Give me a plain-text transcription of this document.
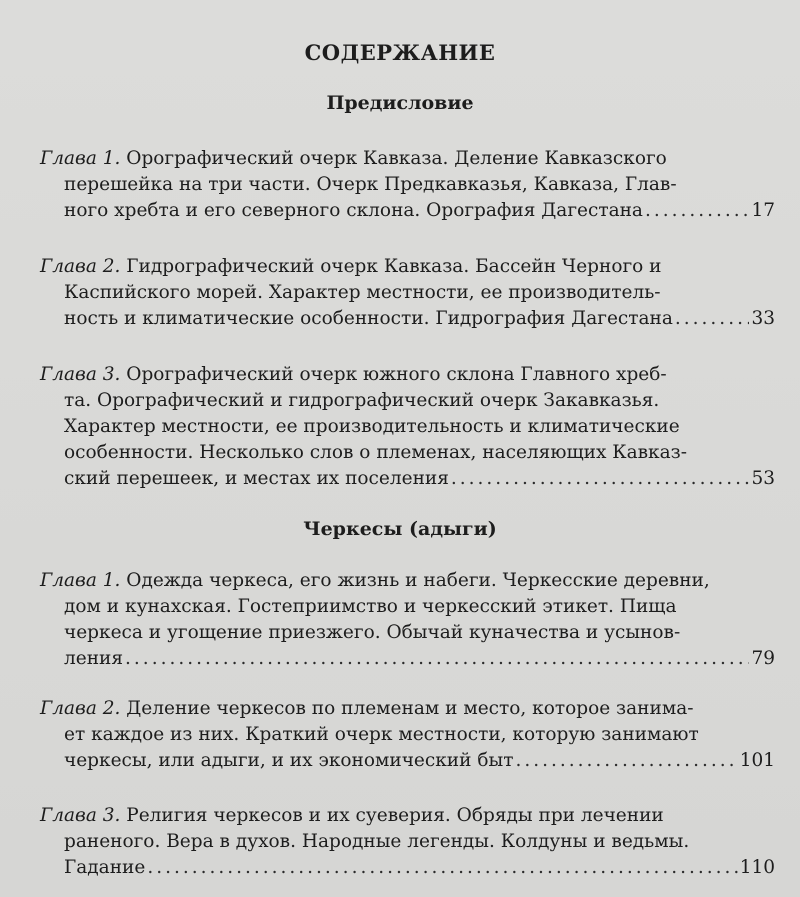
СОДЕРЖАНИЕ
Предисловие
Глава 1. Орографический очерк Кавказа. Деление Кавказского
перешейка на три части. Очерк Предкавказья, Кавказа, Глав-
ного хребта и его северного склона. Орография Дагестана .....	17
Глава 2. Гидрографический очерк Кавказа. Бассейн Черного и
Каспийского морей. Характер местности, ее производитель-
ность и климатические особенности. Гидрография Дагестана .....	33
Глава 3. Орографический очерк южного склона Главного хреб-
та. Орографический и гидрографический очерк Закавказья.
Характер местности, ее производительность и климатические
особенности. Несколько слов о племенах, населяющих Кавказ-
ский перешеек, и местах их поселения .....	53
Черкесы (адыги)
Глава 1. Одежда черкеса, его жизнь и набеги. Черкесские деревни,
дом и кунахская. Гостеприимство и черкесский этикет. Пища
черкеса и угощение приезжего. Обычай куначества и усынов-
ления .....	79
Глава 2. Деление черкесов по племенам и место, которое занима-
ет каждое из них. Краткий очерк местности, которую занимают
черкесы, или адыги, и их экономический быт .....	101
Глава 3. Религия черкесов и их суеверия. Обряды при лечении
раненого. Вера в духов. Народные легенды. Колдуны и ведьмы.
Гадание .....	110
